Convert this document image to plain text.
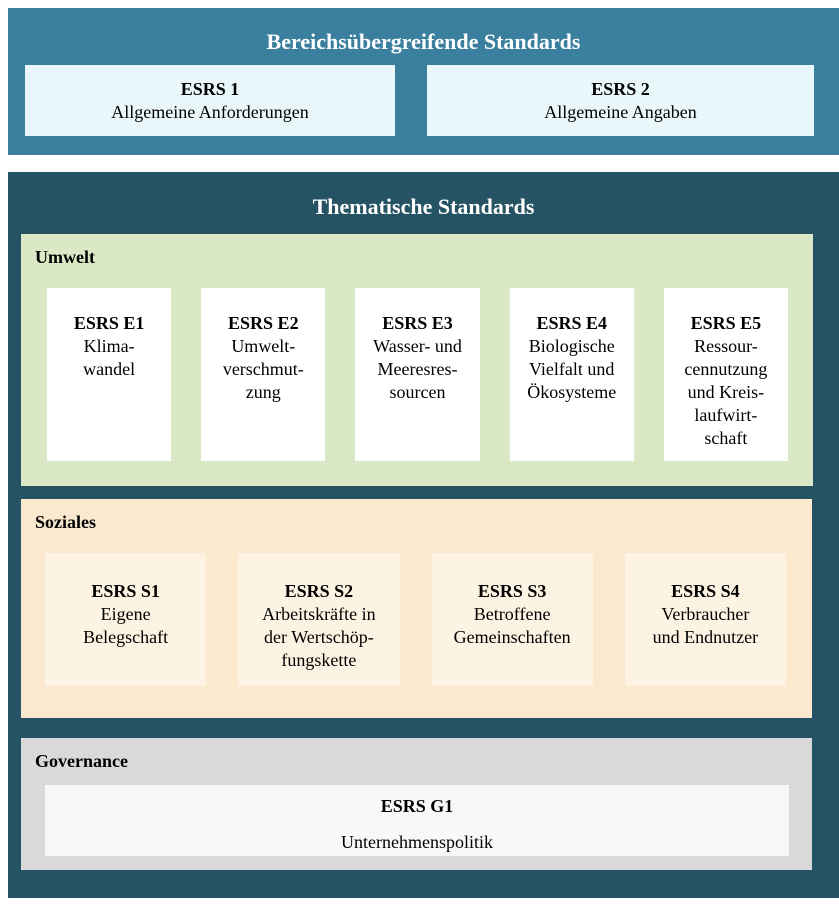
Bereichsübergreifende Standards
ESRS 1
Allgemeine Anforderungen
ESRS 2
Allgemeine Angaben
Thematische Standards
Umwelt
ESRS E1
Klima-
wandel
ESRS E2
Umwelt-
verschmut-
zung
ESRS E3
Wasser- und
Meeresres-
sourcen
ESRS E4
Biologische
Vielfalt und
Ökosysteme
ESRS E5
Ressour-
cennutzung
und Kreis-
laufwirt-
schaft
Soziales
ESRS S1
Eigene
Belegschaft
ESRS S2
Arbeitskräfte in
der Wertschöp-
fungskette
ESRS S3
Betroffene
Gemeinschaften
ESRS S4
Verbraucher
und Endnutzer
Governance
ESRS G1
Unternehmenspolitik
